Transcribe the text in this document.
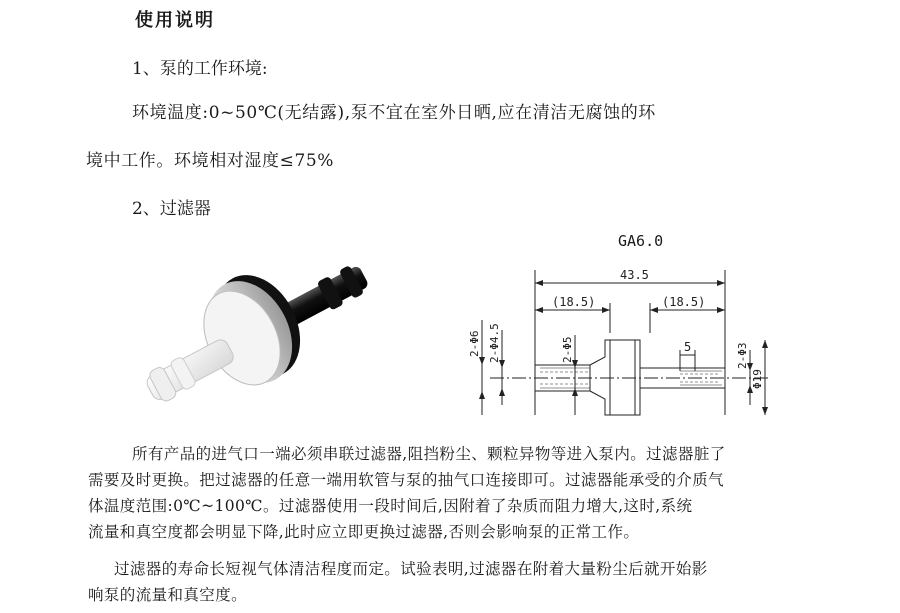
使用说明
1、泵的工作环境:
环境温度:0~50℃(无结露),泵不宜在室外日晒,应在清洁无腐蚀的环
境中工作。环境相对湿度≤75%
2、过滤器
GA6.0
43.5
(18.5)	(18.5)
5
2-Φ6 2-Φ4.5	2-Φ5	2-Φ3
Φ19
所有产品的进气口一端必须串联过滤器,阻挡粉尘、颗粒异物等进入泵内。过滤器脏了
需要及时更换。把过滤器的任意一端用软管与泵的抽气口连接即可。过滤器能承受的介质气
体温度范围:0℃~100℃。过滤器使用一段时间后,因附着了杂质而阻力增大,这时,系统
流量和真空度都会明显下降,此时应立即更换过滤器,否则会影响泵的正常工作。
过滤器的寿命长短视气体清洁程度而定。试验表明,过滤器在附着大量粉尘后就开始影
响泵的流量和真空度。
